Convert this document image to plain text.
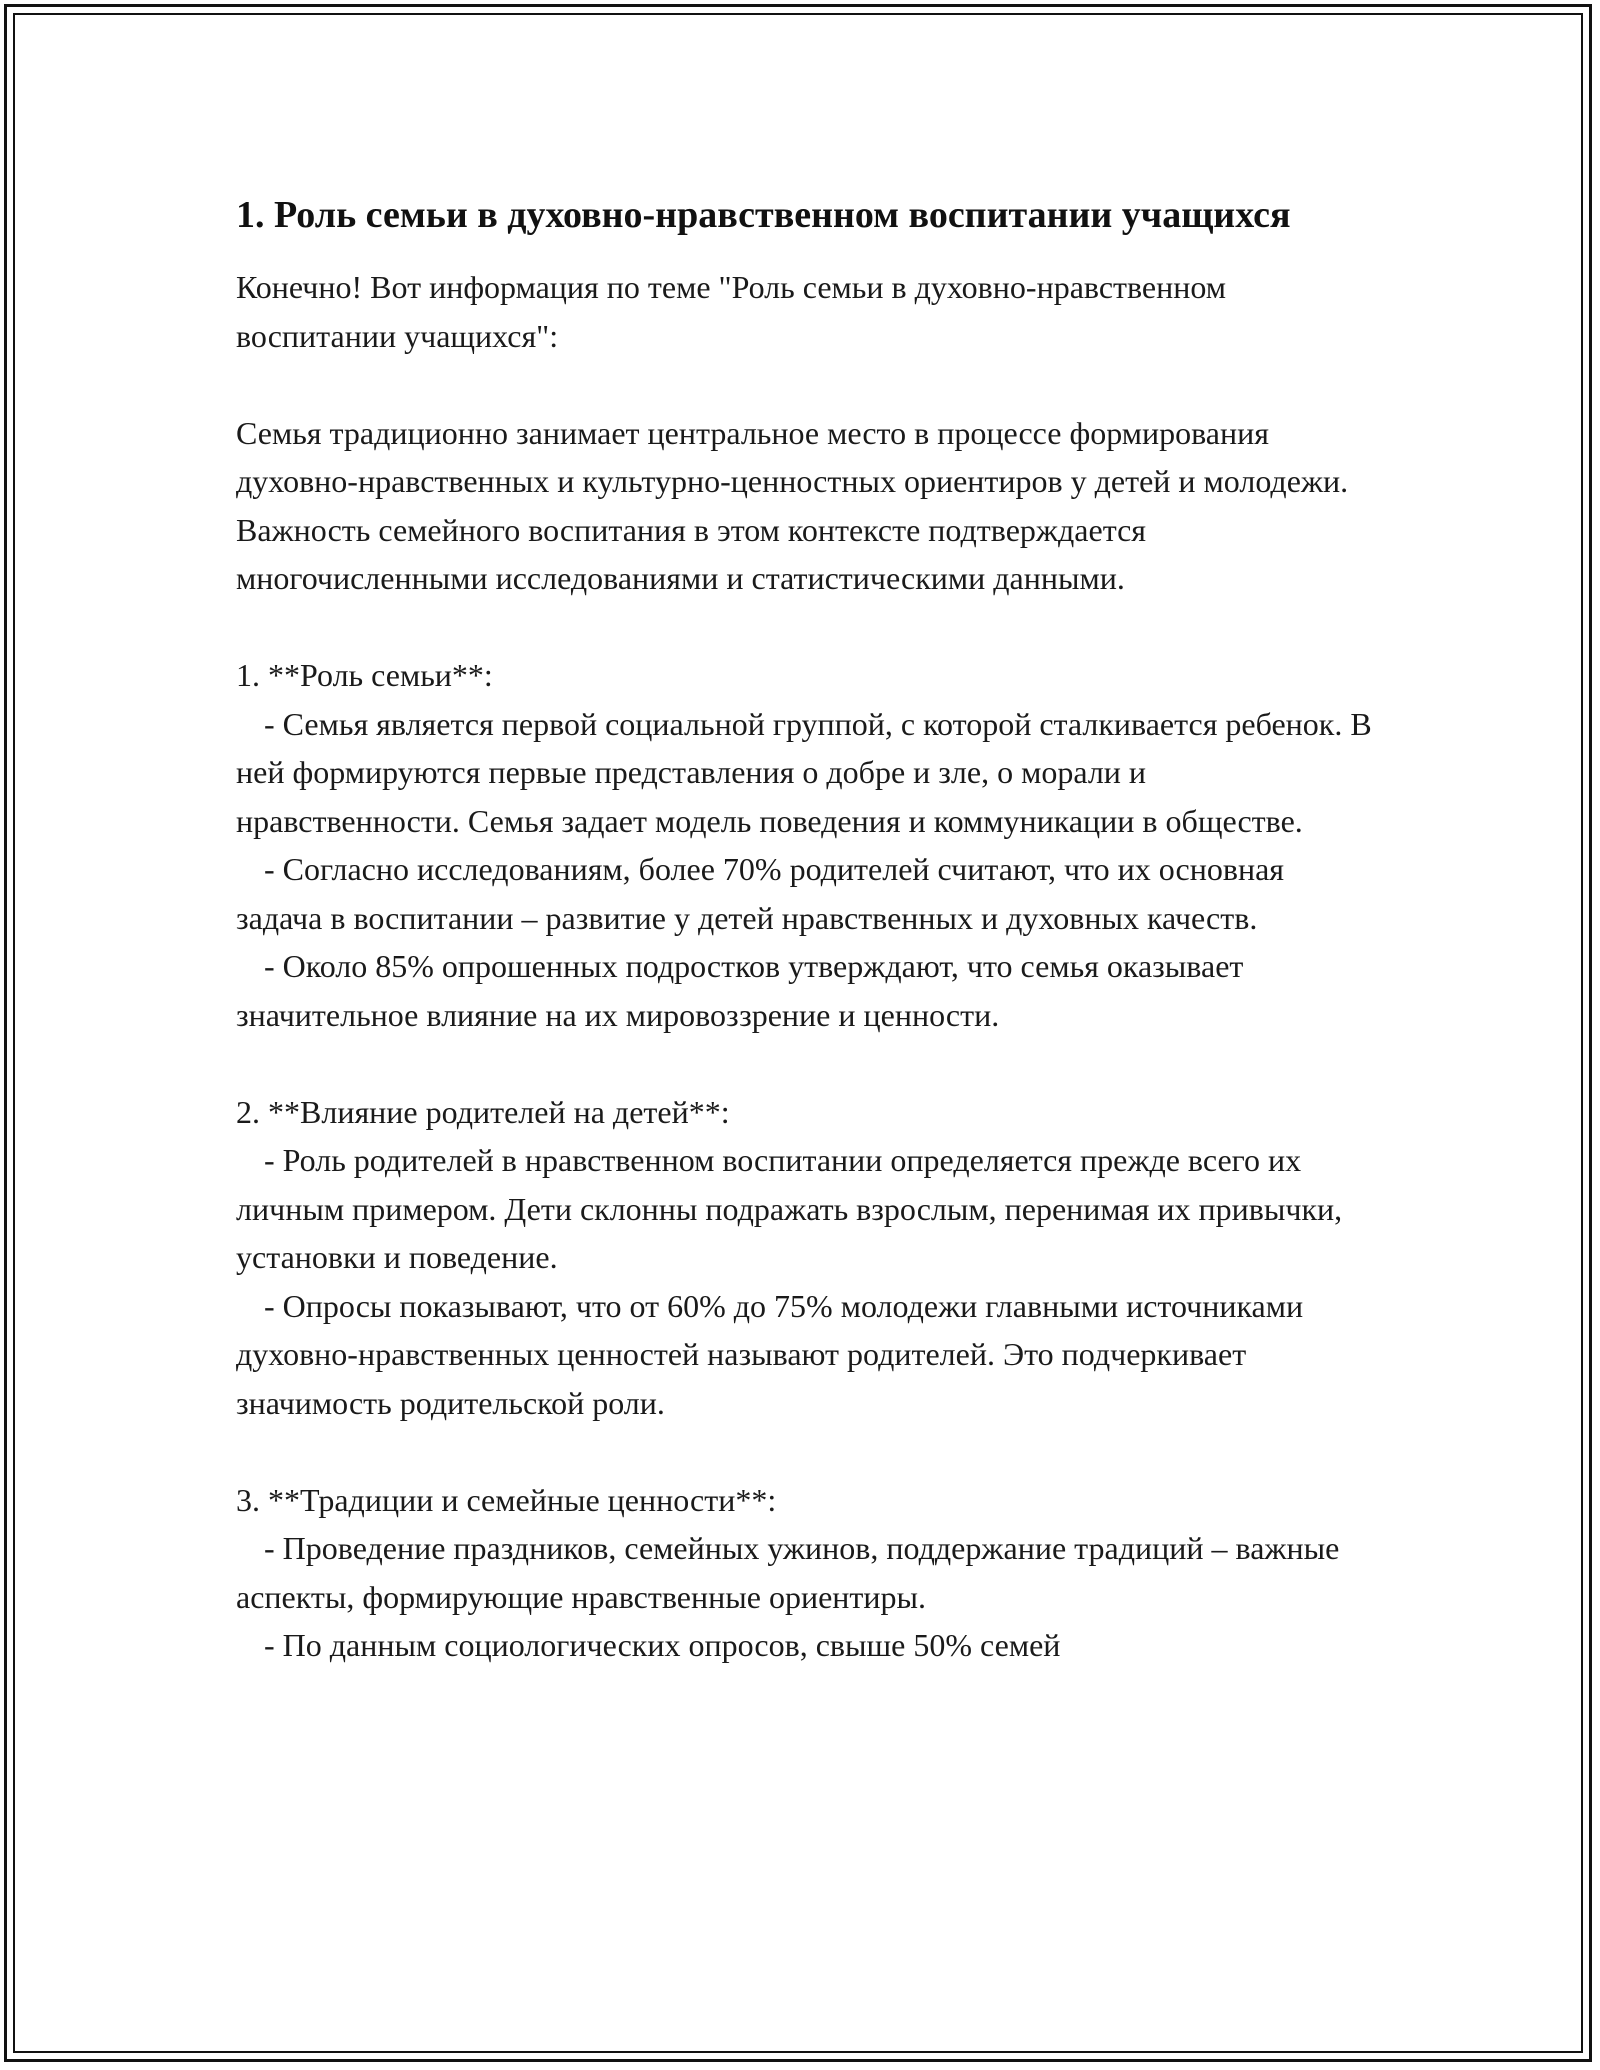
1. Роль семьи в духовно-нравственном воспитании учащихся

Конечно! Вот информация по теме "Роль семьи в духовно-нравственном воспитании учащихся":

Семья традиционно занимает центральное место в процессе формирования духовно-нравственных и культурно-ценностных ориентиров у детей и молодежи. Важность семейного воспитания в этом контексте подтверждается многочисленными исследованиями и статистическими данными.

1. **Роль семьи**:

- Семья является первой социальной группой, с которой сталкивается ребенок. В ней формируются первые представления о добре и зле, о морали и нравственности. Семья задает модель поведения и коммуникации в обществе.

- Согласно исследованиям, более 70% родителей считают, что их основная задача в воспитании – развитие у детей нравственных и духовных качеств.

- Около 85% опрошенных подростков утверждают, что семья оказывает значительное влияние на их мировоззрение и ценности.

2. **Влияние родителей на детей**:

- Роль родителей в нравственном воспитании определяется прежде всего их личным примером. Дети склонны подражать взрослым, перенимая их привычки, установки и поведение.

- Опросы показывают, что от 60% до 75% молодежи главными источниками духовно-нравственных ценностей называют родителей. Это подчеркивает значимость родительской роли.

3. **Традиции и семейные ценности**:

- Проведение праздников, семейных ужинов, поддержание традиций – важные аспекты, формирующие нравственные ориентиры.

- По данным социологических опросов, свыше 50% семей
